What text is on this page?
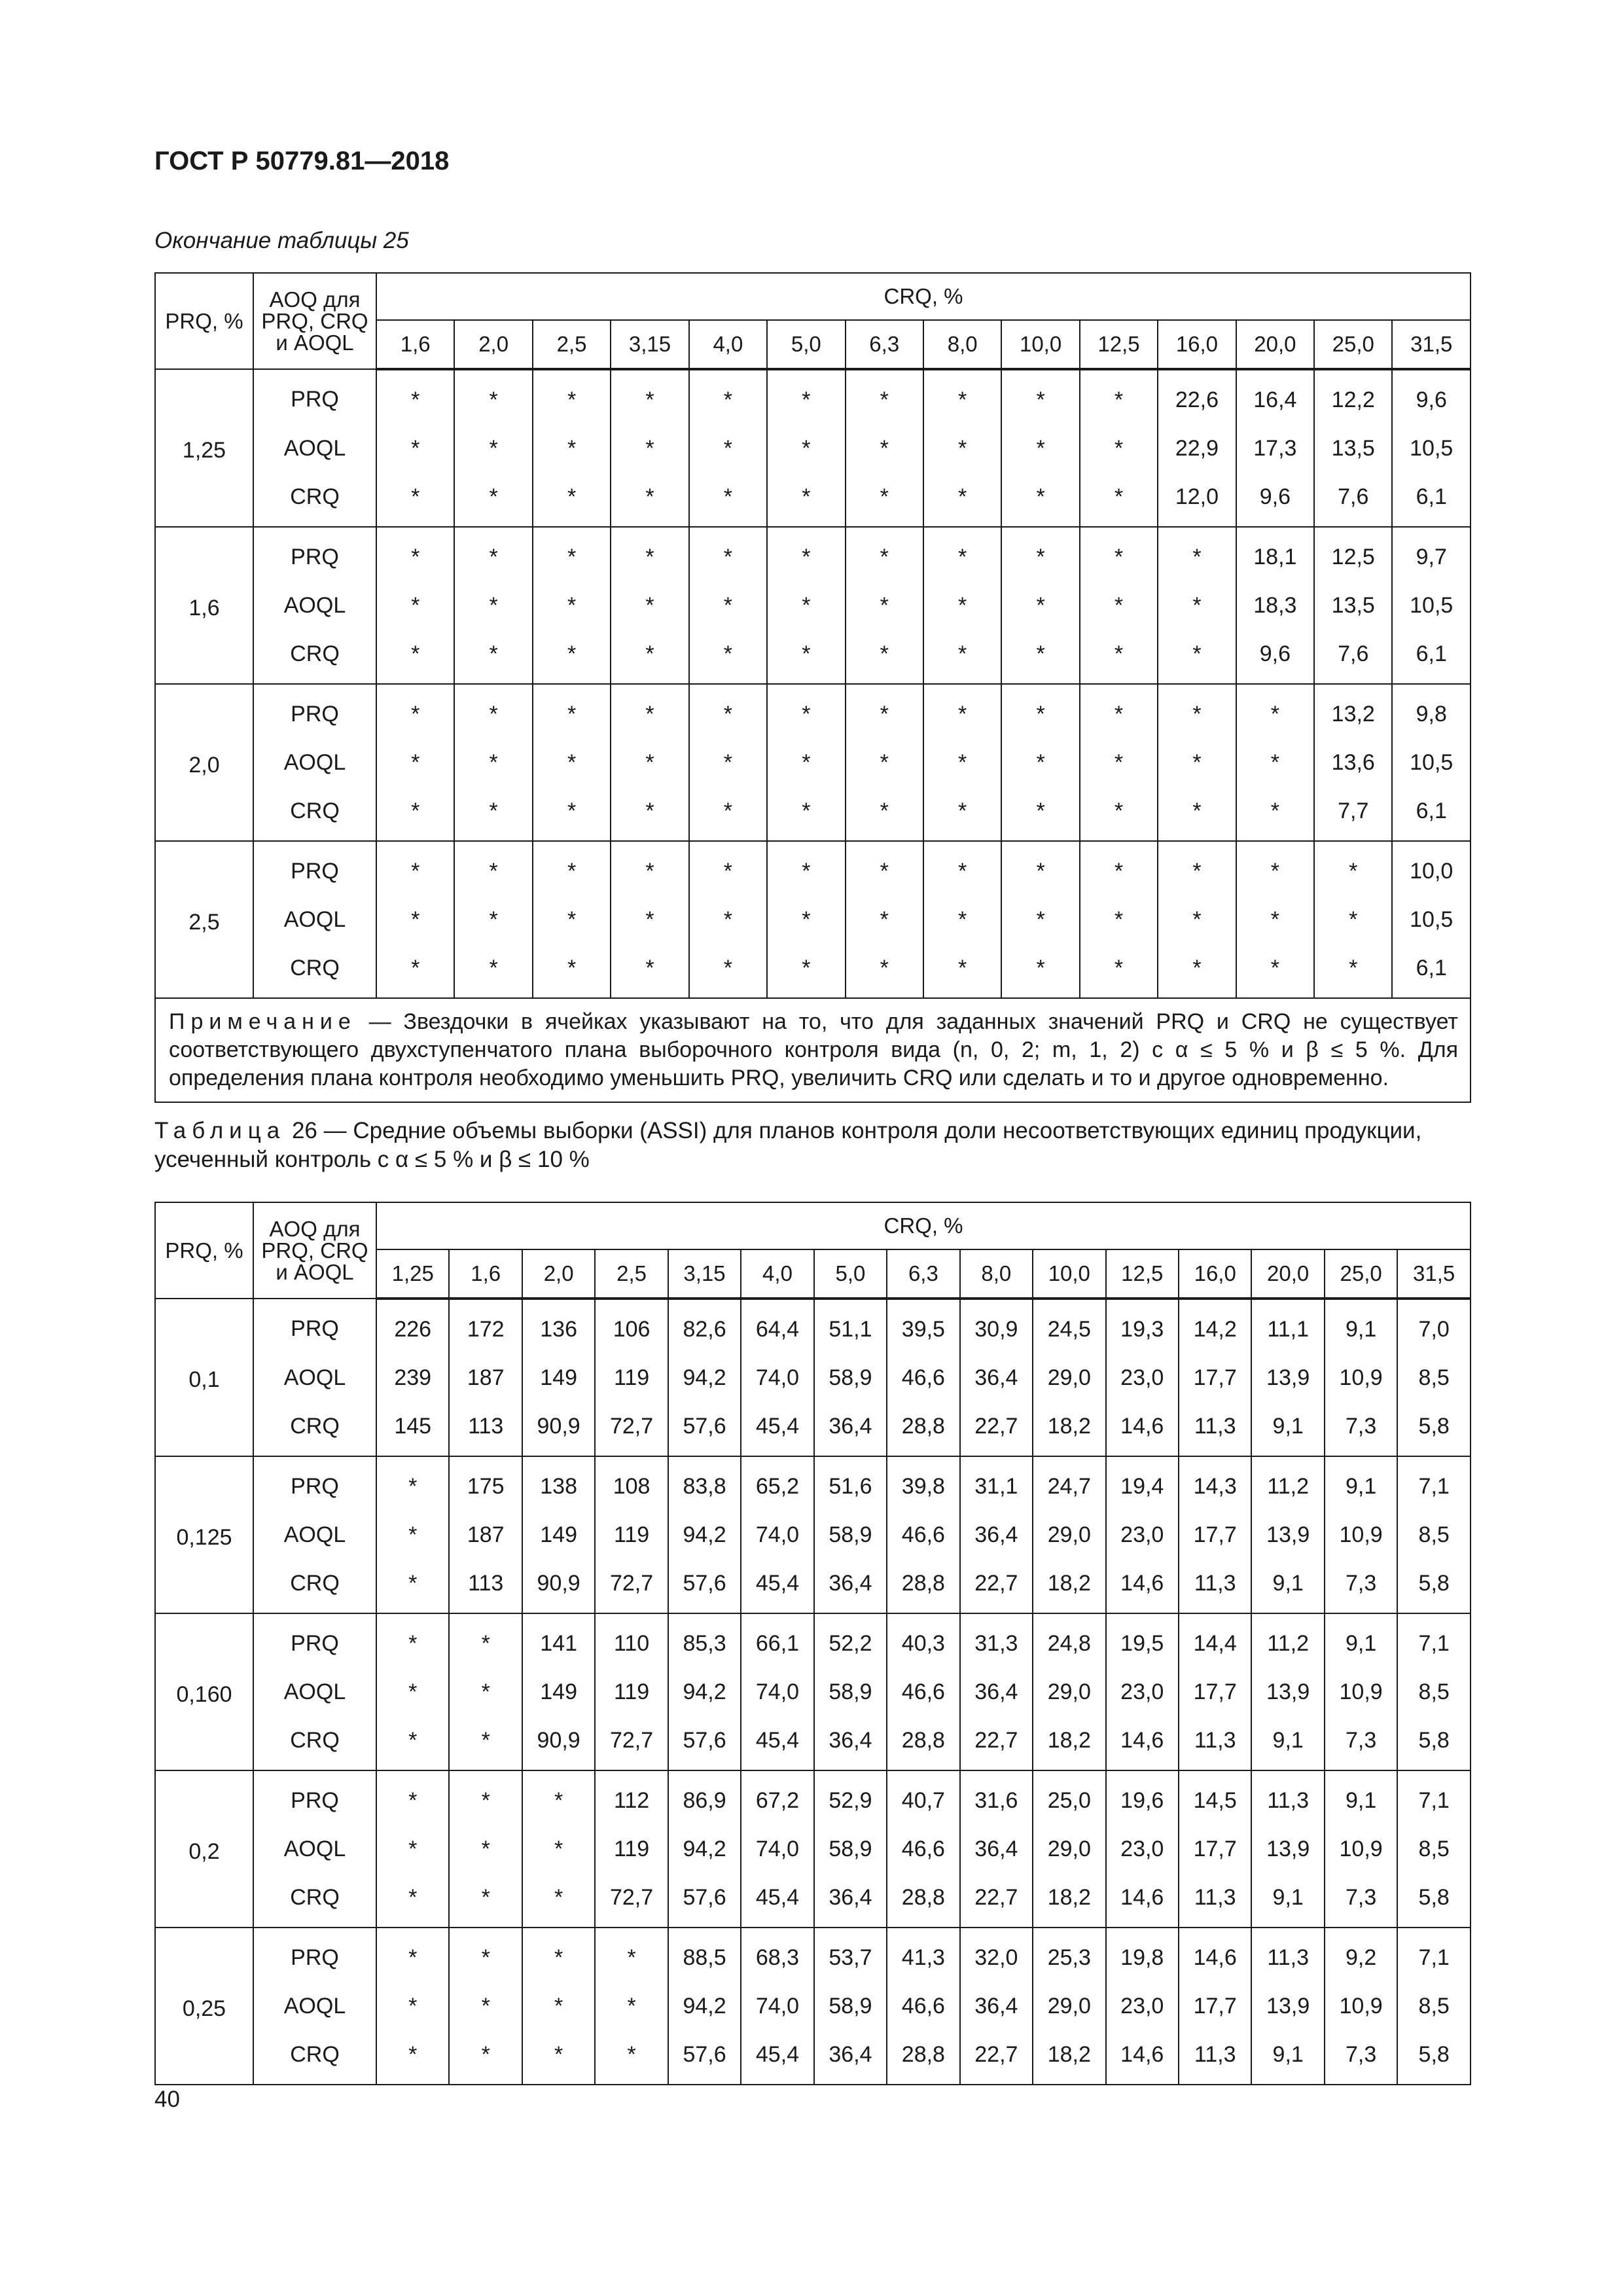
ГОСТ Р 50779.81—2018
Окончание таблицы 25
PRQ, %	AOQ для PRQ, CRQ и AOQL	CRQ, %													
		1,6	2,0	2,5	3,15	4,0	5,0	6,3	8,0	10,0	12,5	16,0	20,0	25,0	31,5
1,25	PRQ	*	*	*	*	*	*	*	*	*	*	22,6	16,4	12,2	9,6
	AOQL	*	*	*	*	*	*	*	*	*	*	22,9	17,3	13,5	10,5
	CRQ	*	*	*	*	*	*	*	*	*	*	12,0	9,6	7,6	6,1
1,6	PRQ	*	*	*	*	*	*	*	*	*	*	*	18,1	12,5	9,7
	AOQL	*	*	*	*	*	*	*	*	*	*	*	18,3	13,5	10,5
	CRQ	*	*	*	*	*	*	*	*	*	*	*	9,6	7,6	6,1
2,0	PRQ	*	*	*	*	*	*	*	*	*	*	*	*	13,2	9,8
	AOQL	*	*	*	*	*	*	*	*	*	*	*	*	13,6	10,5
	CRQ	*	*	*	*	*	*	*	*	*	*	*	*	7,7	6,1
2,5	PRQ	*	*	*	*	*	*	*	*	*	*	*	*	*	10,0
	AOQL	*	*	*	*	*	*	*	*	*	*	*	*	*	10,5
	CRQ	*	*	*	*	*	*	*	*	*	*	*	*	*	6,1
Примечание — Звездочки в ячейках указывают на то, что для заданных значений PRQ и CRQ не существует соответствующего двухступенчатого плана выборочного контроля вида (n, 0, 2; m, 1, 2) с α ≤ 5 % и β ≤ 5 %. Для определения плана контроля необходимо уменьшить PRQ, увеличить CRQ или сделать и то и другое одновременно.															
Таблица 26 — Средние объемы выборки (ASSI) для планов контроля доли несоответствующих единиц продукции, усеченный контроль с α ≤ 5 % и β ≤ 10 %
PRQ, %	AOQ для PRQ, CRQ и AOQL	CRQ, %														
		1,25	1,6	2,0	2,5	3,15	4,0	5,0	6,3	8,0	10,0	12,5	16,0	20,0	25,0	31,5
0,1	PRQ	226	172	136	106	82,6	64,4	51,1	39,5	30,9	24,5	19,3	14,2	11,1	9,1	7,0
	AOQL	239	187	149	119	94,2	74,0	58,9	46,6	36,4	29,0	23,0	17,7	13,9	10,9	8,5
	CRQ	145	113	90,9	72,7	57,6	45,4	36,4	28,8	22,7	18,2	14,6	11,3	9,1	7,3	5,8
0,125	PRQ	*	175	138	108	83,8	65,2	51,6	39,8	31,1	24,7	19,4	14,3	11,2	9,1	7,1
	AOQL	*	187	149	119	94,2	74,0	58,9	46,6	36,4	29,0	23,0	17,7	13,9	10,9	8,5
	CRQ	*	113	90,9	72,7	57,6	45,4	36,4	28,8	22,7	18,2	14,6	11,3	9,1	7,3	5,8
0,160	PRQ	*	*	141	110	85,3	66,1	52,2	40,3	31,3	24,8	19,5	14,4	11,2	9,1	7,1
	AOQL	*	*	149	119	94,2	74,0	58,9	46,6	36,4	29,0	23,0	17,7	13,9	10,9	8,5
	CRQ	*	*	90,9	72,7	57,6	45,4	36,4	28,8	22,7	18,2	14,6	11,3	9,1	7,3	5,8
0,2	PRQ	*	*	*	112	86,9	67,2	52,9	40,7	31,6	25,0	19,6	14,5	11,3	9,1	7,1
	AOQL	*	*	*	119	94,2	74,0	58,9	46,6	36,4	29,0	23,0	17,7	13,9	10,9	8,5
	CRQ	*	*	*	72,7	57,6	45,4	36,4	28,8	22,7	18,2	14,6	11,3	9,1	7,3	5,8
0,25	PRQ	*	*	*	*	88,5	68,3	53,7	41,3	32,0	25,3	19,8	14,6	11,3	9,2	7,1
	AOQL	*	*	*	*	94,2	74,0	58,9	46,6	36,4	29,0	23,0	17,7	13,9	10,9	8,5
	CRQ	*	*	*	*	57,6	45,4	36,4	28,8	22,7	18,2	14,6	11,3	9,1	7,3	5,8
40
